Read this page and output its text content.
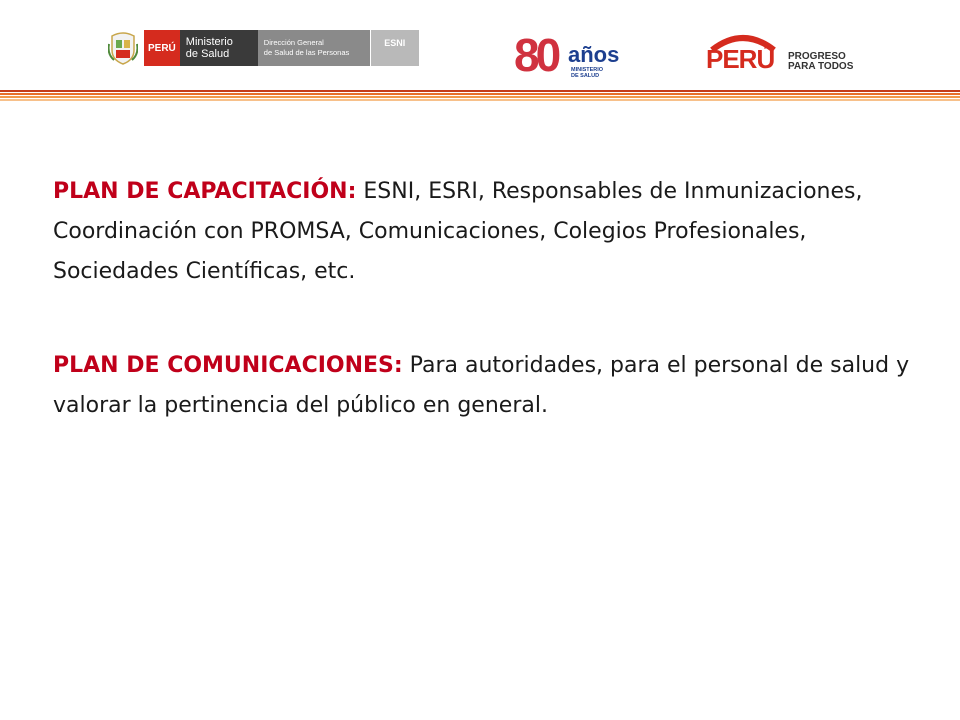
PERÚ Ministerio
de Salud
Dirección General
de Salud de las Personas
ESNI 80 años
MINISTERIO
DE SALUD
PERÚ PROGRESO
PARA TODOS

PLAN DE CAPACITACIÓN: ESNI, ESRI, Responsables de Inmunizaciones, Coordinación con PROMSA, Comunicaciones, Colegios Profesionales, Sociedades Científicas, etc.

PLAN DE COMUNICACIONES: Para autoridades, para el personal de salud y valorar la pertinencia del público en general.
